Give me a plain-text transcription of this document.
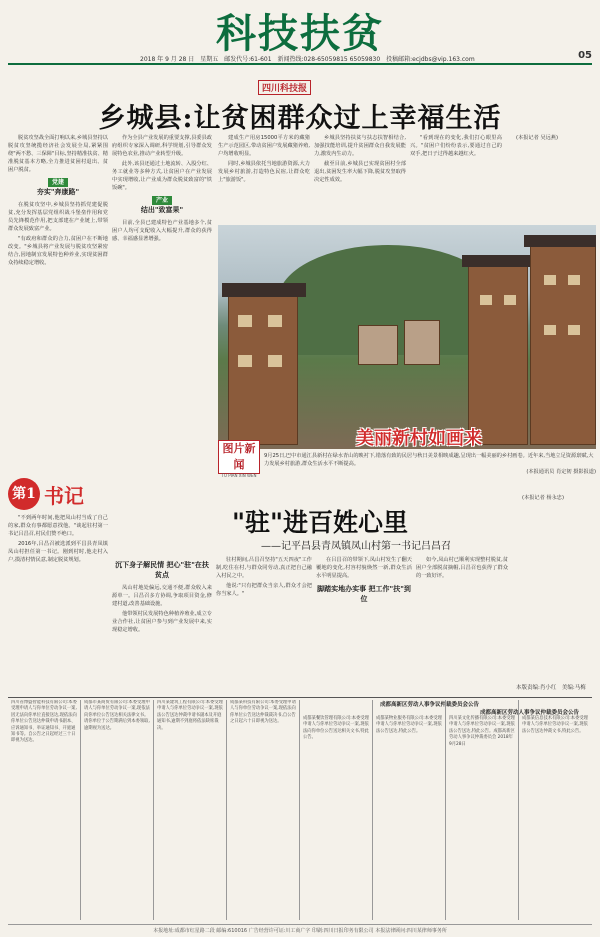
科技扶贫
2018 年 9 月 28 日　星期五　邮发代号:61-601　新闻热线:028-65059815 65059830　投稿邮箱:ecjdbs@vip.163.com	05
四川科技报
乡城县:让贫困群众过上幸福生活

脱贫攻坚战全面打响以来,乡城县坚持以脱贫攻坚统揽经济社会发展全局,紧紧围绕"两不愁、三保障"目标,坚持精准扶贫、精准脱贫基本方略,全力推进贫困村退出、贫困户脱贫。

党建
夯实"奔康路"

在脱贫攻坚中,乡城县坚持抓党建促脱贫,充分发挥基层党组织战斗堡垒作用和党员先锋模范作用,把支部建在产业链上,带领群众发展致富产业。

"有政府和群众的合力,贫困户在不断地改变。"乡城县将产业发展与脱贫攻坚紧密结合,因地制宜发展特色种养业,实现贫困群众持续稳定增收。

作为全县产业发展的重要支撑,县委县政府组织专家深入调研,科学规划,引导群众发展特色农业,推动产业转型升级。

此外,该县还通过土地流转、入股分红、务工就业等多种方式,让贫困户在产业发展中实现增收,让产业成为群众脱贫致富的"铁饭碗"。

产业
结出"致富果"

目前,全县已建成特色产业基地多个,贫困户人均可支配收入大幅提升,群众的获得感、幸福感显著增强。

建成生产用房15000平方米的藏猪生产示范园区,带动贫困户发展藏猪养殖,户均增收明显。

同时,乡城县依托当地旅游资源,大力发展乡村旅游,打造特色民宿,让群众吃上"旅游饭"。

乡城县坚持扶贫与扶志扶智相结合,加强技能培训,提升贫困群众自我发展能力,激发内生动力。

截至目前,乡城县已实现贫困村全部退出,贫困发生率大幅下降,脱贫攻坚取得决定性成效。

"看到现在的变化,我们打心眼里高兴。"贫困户们纷纷表示,要通过自己的双手,把日子过得越来越红火。

(本报记者 吴远燕)

美丽新村如画来
图片新闻
TU PIAN XIN WEN
9月25日,巴中市通江县新村在绿水青山的映衬下,错落有致的民居与秋日美景相映成趣,呈现出一幅美丽的乡村画卷。近年来,当地立足资源禀赋,大力发展乡村旅游,群众生活水平不断提高。
(本报通讯员 肖定韧 摄影报道)
第1 书记
"驻"进百姓心里
——记平昌县青凤镇凤山村第一书记吕昌召

"不到两年时间,他把凤山村当成了自己的家,群众有事都愿意找他。"谈起驻村第一书记吕昌召,村民们赞不绝口。

2016年,吕昌召被选派到平昌县青凤镇凤山村担任第一书记。刚到村时,他走村入户,摸清村情民意,制定脱贫规划。

沉下身子解民情 把心"驻"在扶贫点

凤山村地处偏远,交通不便,群众收入来源单一。吕昌召多方协调,争取项目资金,修建村道,改善基础设施。

他带领村民发展特色种植养殖业,成立专业合作社,让贫困户参与到产业发展中来,实现稳定增收。

驻村期间,吕昌召坚持"五天四夜"工作制,吃住在村,与群众同劳动,真正把自己融入村民之中。

他说:"只有把群众当亲人,群众才会把你当家人。"

在吕昌召的带领下,凤山村发生了翻天覆地的变化,村容村貌焕然一新,群众生活水平明显提高。

脚踏实地办实事 把工作"扶"到位

如今,凤山村已顺利实现整村脱贫,贫困户全部脱贫摘帽,吕昌召也获得了群众的一致好评。

(本报记者 杨永忠)

本版责编:肖小红　美编:马梅
成都高新区劳动人事争议仲裁委员会公告
成都高新区劳动人事争议仲裁委员会公告
四川省博盛智能科技有限公司:本委受理申请人与你单位劳动争议一案,因无法向你单位直接送达,现依法向你单位公告送达仲裁申请书副本、应诉通知书、举证通知书、开庭通知书等。自公告之日起经过三十日即视为送达。
成都市某商贸有限公司:本委受理申请人与你单位劳动争议一案,现依法向你单位公告送达相关法律文书。请你单位于公告期满后到本委领取,逾期视为送达。
四川某建筑工程有限公司:本委受理申请人与你单位劳动争议一案,现依法公告送达仲裁申请书副本及开庭通知书,逾期不到庭将依法缺席裁决。
成都某科技有限公司:本委受理申请人与你单位劳动争议一案,现依法向你单位公告送达仲裁裁决书,自公告之日起六十日即视为送达。
成都某餐饮管理有限公司:本委受理申请人与你单位劳动争议一案,现依法向你单位公告送达相关文书,特此公告。
成都某物业服务有限公司:本委受理申请人与你单位劳动争议一案,现依法公告送达,特此公告。
四川某文化传播有限公司:本委受理申请人与你单位劳动争议一案,现依法公告送达,特此公告。成都高新区劳动人事争议仲裁委员会 2018年9月28日
成都某信息技术有限公司:本委受理申请人与你单位劳动争议一案,现依法公告送达仲裁文书,特此公告。
本报地址:成都市红星路二段 邮编:610016 广告经营许可证:川工商广字 印刷:四川日报印务有限公司 本报法律顾问:四川某律师事务所
